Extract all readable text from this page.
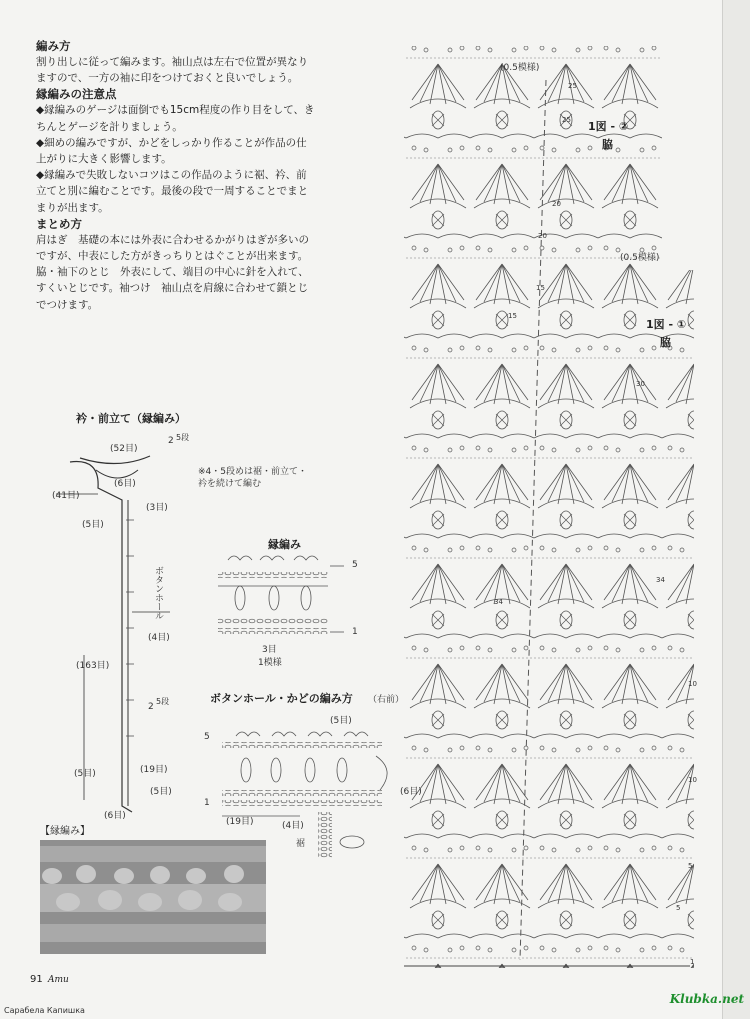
編み方

割り出しに従って編みます。袖山点は左右で位置が異なりますので、一方の袖に印をつけておくと良いでしょう。

縁編みの注意点

◆縁編みのゲージは面倒でも15cm程度の作り目をして、きちんとゲージを計りましょう。

◆細めの編みですが、かどをしっかり作ることが作品の仕上がりに大きく影響します。

◆縁編みで失敗しないコツはこの作品のように裾、衿、前立てと別に編むことです。最後の段で一周することでまとまりが出ます。

まとめ方

肩はぎ　基礎の本には外表に合わせるかがりはぎが多いのですが、中表にした方がきっちりとはぐことが出来ます。脇・袖下のとじ　外表にして、端目の中心に針を入れて、すくいとじです。袖つけ　袖山点を肩線に合わせて鎖とじでつけます。

衿・前立て（縁編み）
※4・5段めは裾・前立て・衿を続けて編む
(52目)
2 5段
(6目)
(41目)
(3目)
(5目)
ボタンホール
(4目)
(163目)
2
5段
(5目)	(19目)
(5目)
(6目)
縁編み
5
1
3目
1模様
ボタンホール・かどの編み方 （右前）
(5目)
(6目)
(19目)	(4目)
裾
5
1
(0.5模様)
(0.5模様)
1図 - ②
脇
1図 - ①
脇
25
25
20
20
15
15
30
34
34
10
10
5
5
1
【縁編み】
91 Amu
Klubka.net
Сарабела Капишка
